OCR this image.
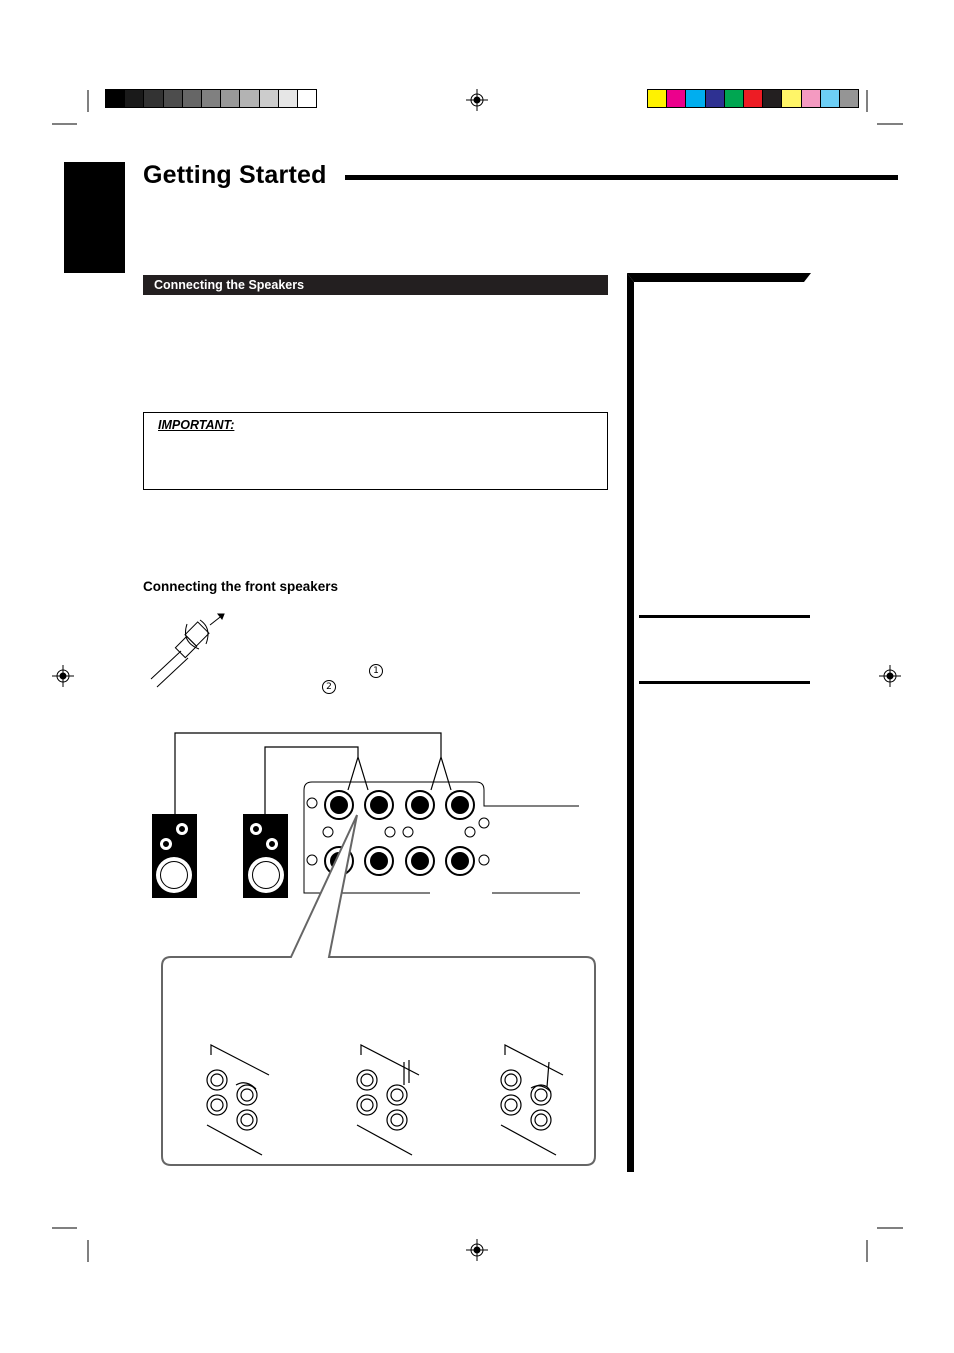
Getting Started
Connecting the Speakers
IMPORTANT:
Connecting the front speakers
1
2
